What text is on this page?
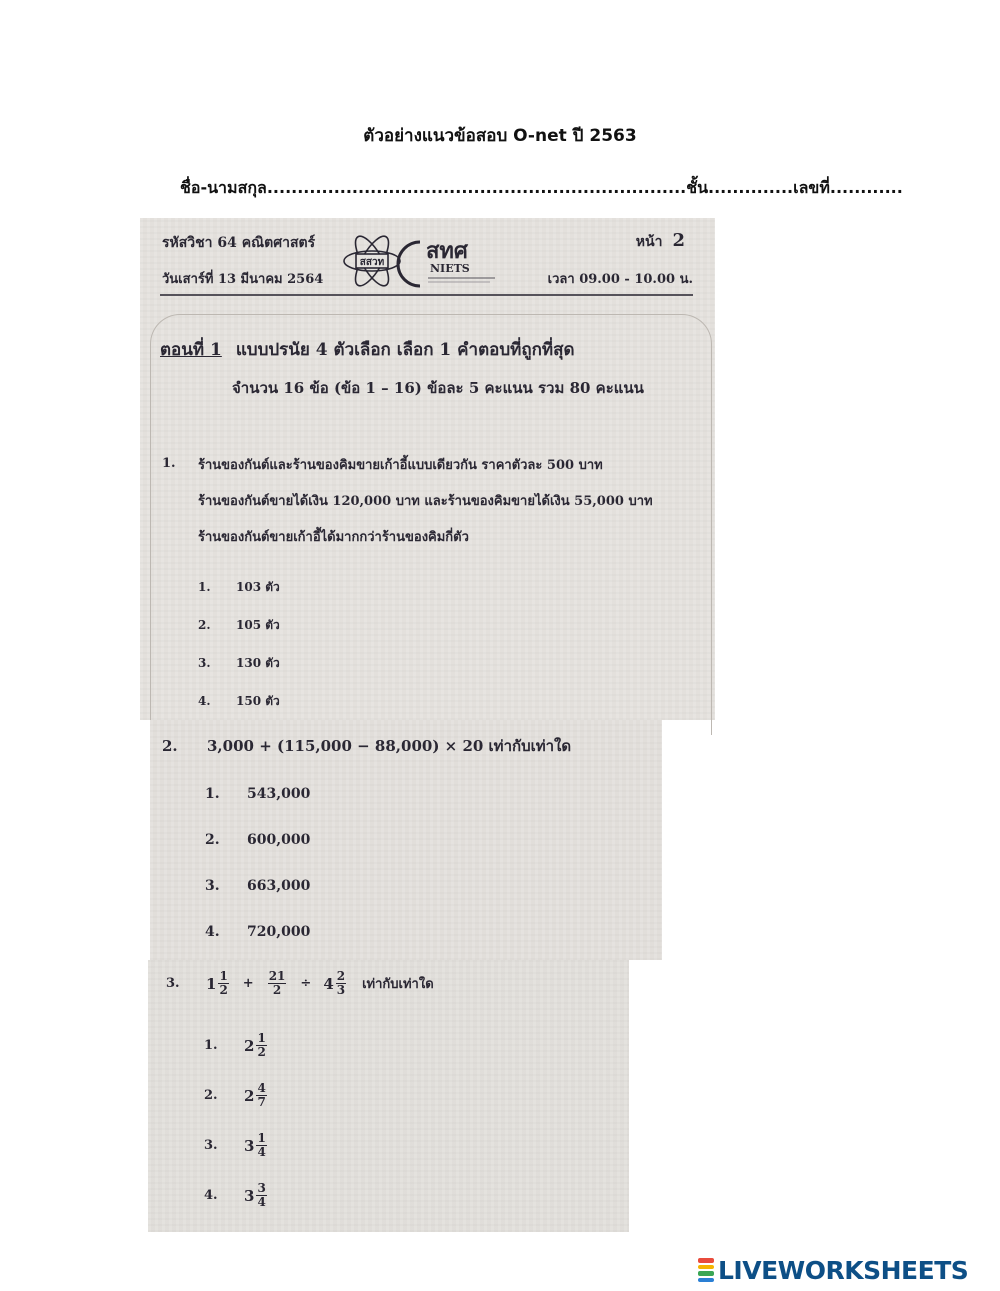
ตัวอย่างแนวข้อสอบ O-net ปี 2563
ชื่อ-นามสกุล.....................................................................ชั้น..............เลขที่............
รหัสวิชา 64 คณิตศาสตร์
วันเสาร์ที่ 13 มีนาคม 2564
หน้า 2
เวลา 09.00 - 10.00 น.
สสวท สทศ
NIETS
ตอนที่ 1 แบบปรนัย 4 ตัวเลือก เลือก 1 คำตอบที่ถูกที่สุด
จำนวน 16 ข้อ (ข้อ 1 – 16) ข้อละ 5 คะแนน รวม 80 คะแนน
1. ร้านของกันต์และร้านของคิมขายเก้าอี้แบบเดียวกัน ราคาตัวละ 500 บาท
ร้านของกันต์ขายได้เงิน 120,000 บาท และร้านของคิมขายได้เงิน 55,000 บาท
ร้านของกันต์ขายเก้าอี้ได้มากกว่าร้านของคิมกี่ตัว
1. 103 ตัว
2. 105 ตัว
3. 130 ตัว
4. 150 ตัว
2. 3,000 + (115,000 − 88,000) × 20 เท่ากับเท่าใด
1. 543,000
2. 600,000
3. 663,000
4. 720,000
3.	$1 \frac{1}{2} + \frac{21}{2} \div 4 \frac{2}{3}$ เท่ากับเท่าใด
1.	$2 \frac{1}{2}$
2.	$2 \frac{4}{7}$
3.	$3 \frac{1}{4}$
4.	$3 \frac{3}{4}$
LIVEWORKSHEETS
